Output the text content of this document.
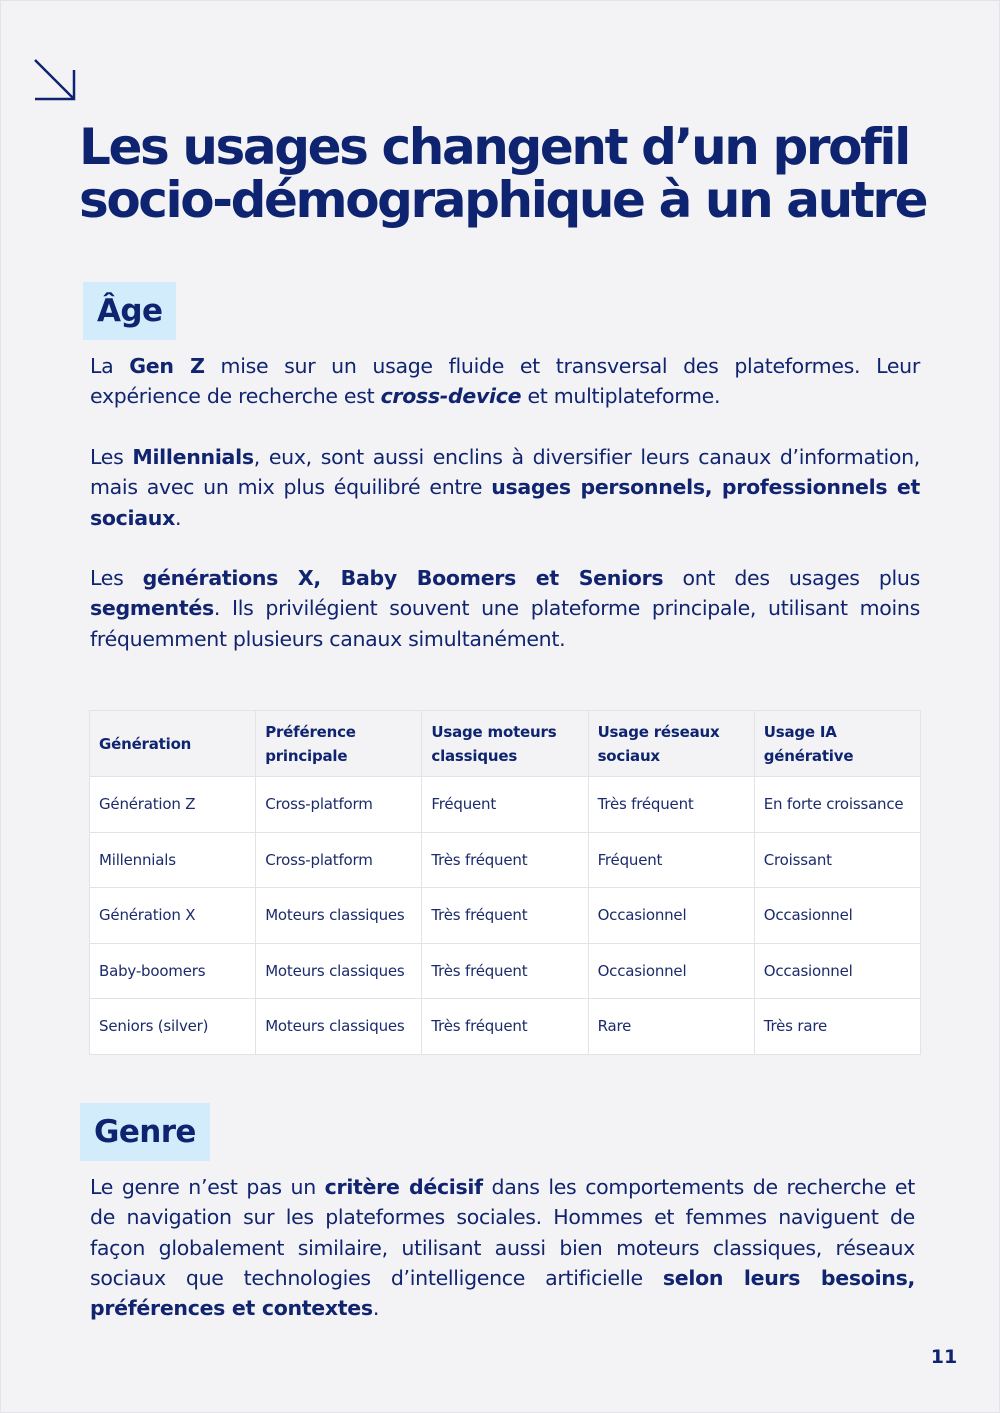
Les usages changent d’un profil
socio-démographique à un autre
Âge

La Gen Z mise sur un usage fluide et transversal des plateformes. Leur expérience de recherche est cross-device et multiplateforme.

Les Millennials, eux, sont aussi enclins à diversifier leurs canaux d’information, mais avec un mix plus équilibré entre usages personnels, professionnels et sociaux.

Les générations X, Baby Boomers et Seniors ont des usages plus segmentés. Ils privilégient souvent une plateforme principale, utilisant moins fréquemment plusieurs canaux simultanément.

Génération	Préférence principale	Usage moteurs classiques	Usage réseaux sociaux	Usage IA générative
Génération Z	Cross-platform	Fréquent	Très fréquent	En forte croissance
Millennials	Cross-platform	Très fréquent	Fréquent	Croissant
Génération X	Moteurs classiques	Très fréquent	Occasionnel	Occasionnel
Baby-boomers	Moteurs classiques	Très fréquent	Occasionnel	Occasionnel
Seniors (silver)	Moteurs classiques	Très fréquent	Rare	Très rare
Genre

Le genre n’est pas un critère décisif dans les comportements de recherche et de navigation sur les plateformes sociales. Hommes et femmes naviguent de façon globalement similaire, utilisant aussi bien moteurs classiques, réseaux sociaux que technologies d’intelligence artificielle selon leurs besoins, préférences et contextes.

11
